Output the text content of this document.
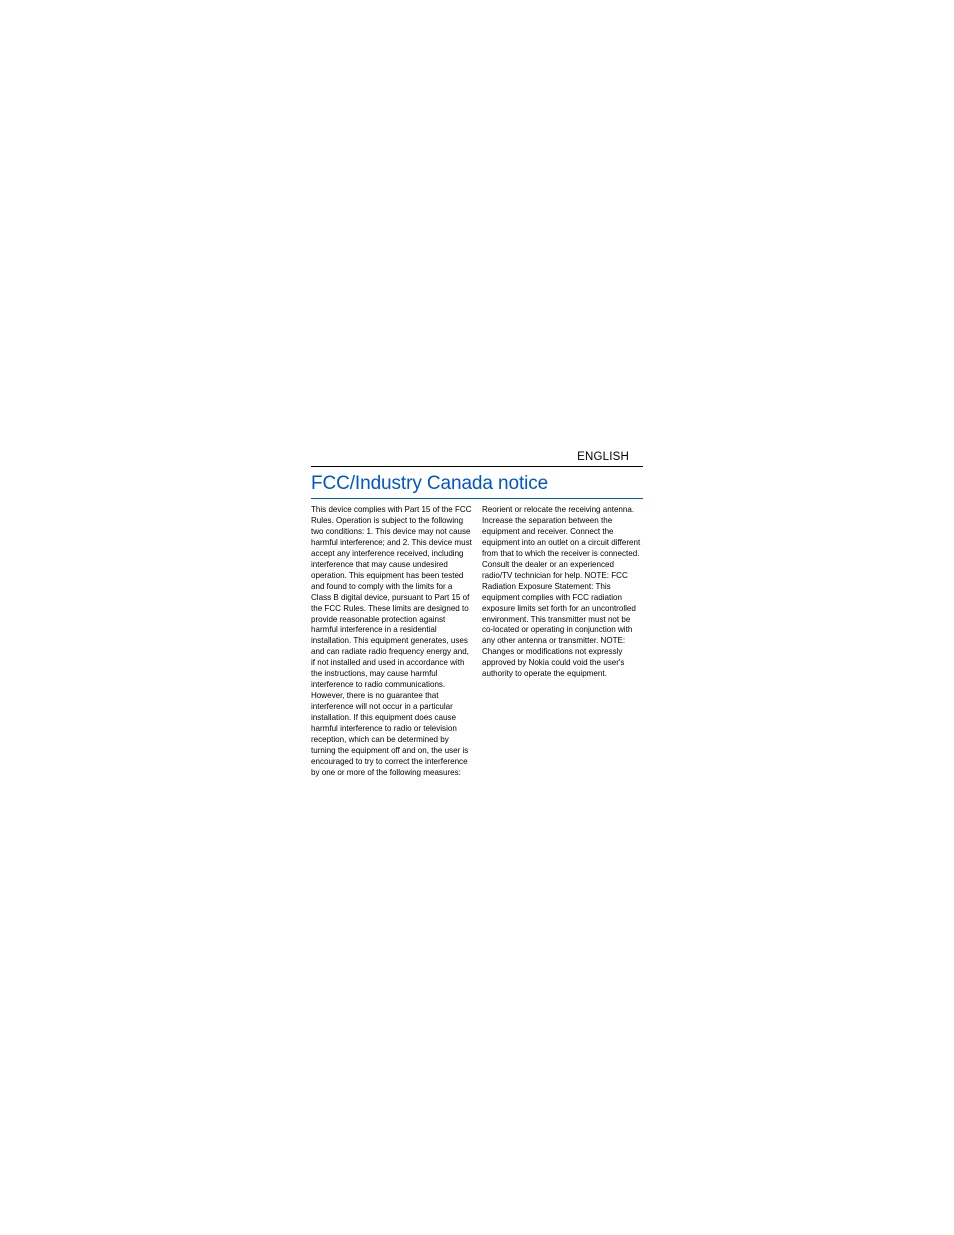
ENGLISH
FCC/Industry Canada notice

This device complies with Part 15 of the FCC Rules. Operation is subject to the following two conditions: 1. This device may not cause harmful interference; and 2. This device must accept any interference received, including interference that may cause undesired operation. This equipment has been tested and found to comply with the limits for a Class B digital device, pursuant to Part 15 of the FCC Rules. These limits are designed to provide reasonable protection against harmful interference in a residential installation. This equipment generates, uses and can radiate radio frequency energy and, if not installed and used in accordance with the instructions, may cause harmful interference to radio communications. However, there is no guarantee that interference will not occur in a particular installation. If this equipment does cause harmful interference to radio or television reception, which can be determined by turning the equipment off and on, the user is encouraged to try to correct the interference by one or more of the following measures:

Reorient or relocate the receiving antenna. Increase the separation between the equipment and receiver. Connect the equipment into an outlet on a circuit different from that to which the receiver is connected. Consult the dealer or an experienced radio/TV technician for help. NOTE: FCC Radiation Exposure Statement: This equipment complies with FCC radiation exposure limits set forth for an uncontrolled environment. This transmitter must not be co-located or operating in conjunction with any other antenna or transmitter. NOTE: Changes or modifications not expressly approved by Nokia could void the user's authority to operate the equipment.
